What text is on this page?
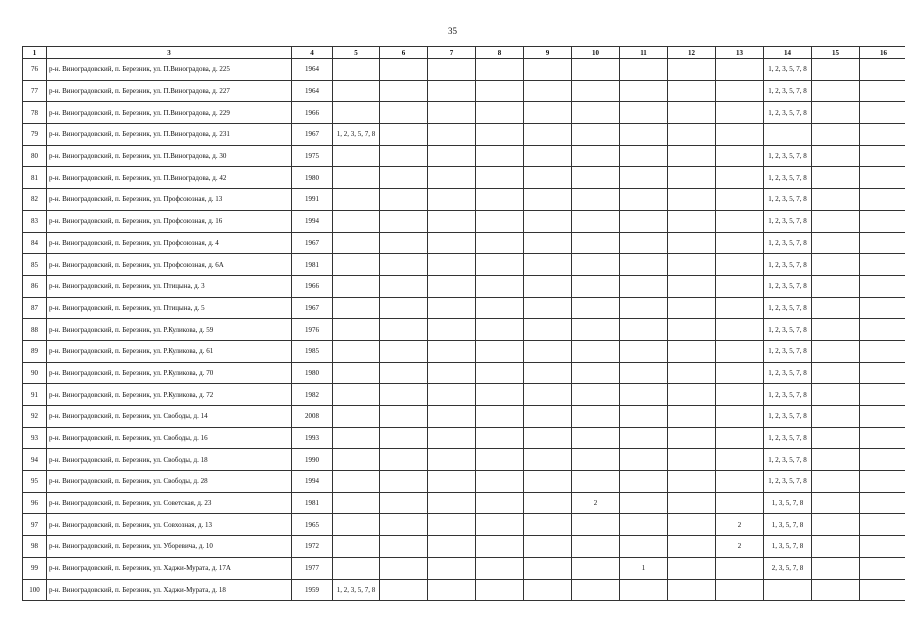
35
1	3	4	5	6	7	8	9	10	11	12	13	14	15	16
76	р-н. Виноградовский, п. Березник, ул. П.Виноградова, д. 225	1964										1, 2, 3, 5, 7, 8		
77	р-н. Виноградовский, п. Березник, ул. П.Виноградова, д. 227	1964										1, 2, 3, 5, 7, 8		
78	р-н. Виноградовский, п. Березник, ул. П.Виноградова, д. 229	1966										1, 2, 3, 5, 7, 8		
79	р-н. Виноградовский, п. Березник, ул. П.Виноградова, д. 231	1967	1, 2, 3, 5, 7, 8											
80	р-н. Виноградовский, п. Березник, ул. П.Виноградова, д. 30	1975										1, 2, 3, 5, 7, 8		
81	р-н. Виноградовский, п. Березник, ул. П.Виноградова, д. 42	1980										1, 2, 3, 5, 7, 8		
82	р-н. Виноградовский, п. Березник, ул. Профсоюзная, д. 13	1991										1, 2, 3, 5, 7, 8		
83	р-н. Виноградовский, п. Березник, ул. Профсоюзная, д. 16	1994										1, 2, 3, 5, 7, 8		
84	р-н. Виноградовский, п. Березник, ул. Профсоюзная, д. 4	1967										1, 2, 3, 5, 7, 8		
85	р-н. Виноградовский, п. Березник, ул. Профсоюзная, д. 6А	1981										1, 2, 3, 5, 7, 8		
86	р-н. Виноградовский, п. Березник, ул. Птицына, д. 3	1966										1, 2, 3, 5, 7, 8		
87	р-н. Виноградовский, п. Березник, ул. Птицына, д. 5	1967										1, 2, 3, 5, 7, 8		
88	р-н. Виноградовский, п. Березник, ул. Р.Куликова, д. 59	1976										1, 2, 3, 5, 7, 8		
89	р-н. Виноградовский, п. Березник, ул. Р.Куликова, д. 61	1985										1, 2, 3, 5, 7, 8		
90	р-н. Виноградовский, п. Березник, ул. Р.Куликова, д. 70	1980										1, 2, 3, 5, 7, 8		
91	р-н. Виноградовский, п. Березник, ул. Р.Куликова, д. 72	1982										1, 2, 3, 5, 7, 8		
92	р-н. Виноградовский, п. Березник, ул. Свободы, д. 14	2008										1, 2, 3, 5, 7, 8		
93	р-н. Виноградовский, п. Березник, ул. Свободы, д. 16	1993										1, 2, 3, 5, 7, 8		
94	р-н. Виноградовский, п. Березник, ул. Свободы, д. 18	1990										1, 2, 3, 5, 7, 8		
95	р-н. Виноградовский, п. Березник, ул. Свободы, д. 28	1994										1, 2, 3, 5, 7, 8		
96	р-н. Виноградовский, п. Березник, ул. Советская, д. 23	1981						2				1, 3, 5, 7, 8		
97	р-н. Виноградовский, п. Березник, ул. Совхозная, д. 13	1965									2	1, 3, 5, 7, 8		
98	р-н. Виноградовский, п. Березник, ул. Уборевича, д. 10	1972									2	1, 3, 5, 7, 8		
99	р-н. Виноградовский, п. Березник, ул. Хаджи-Мурата, д. 17А	1977							1			2, 3, 5, 7, 8		
100	р-н. Виноградовский, п. Березник, ул. Хаджи-Мурата, д. 18	1959	1, 2, 3, 5, 7, 8											
